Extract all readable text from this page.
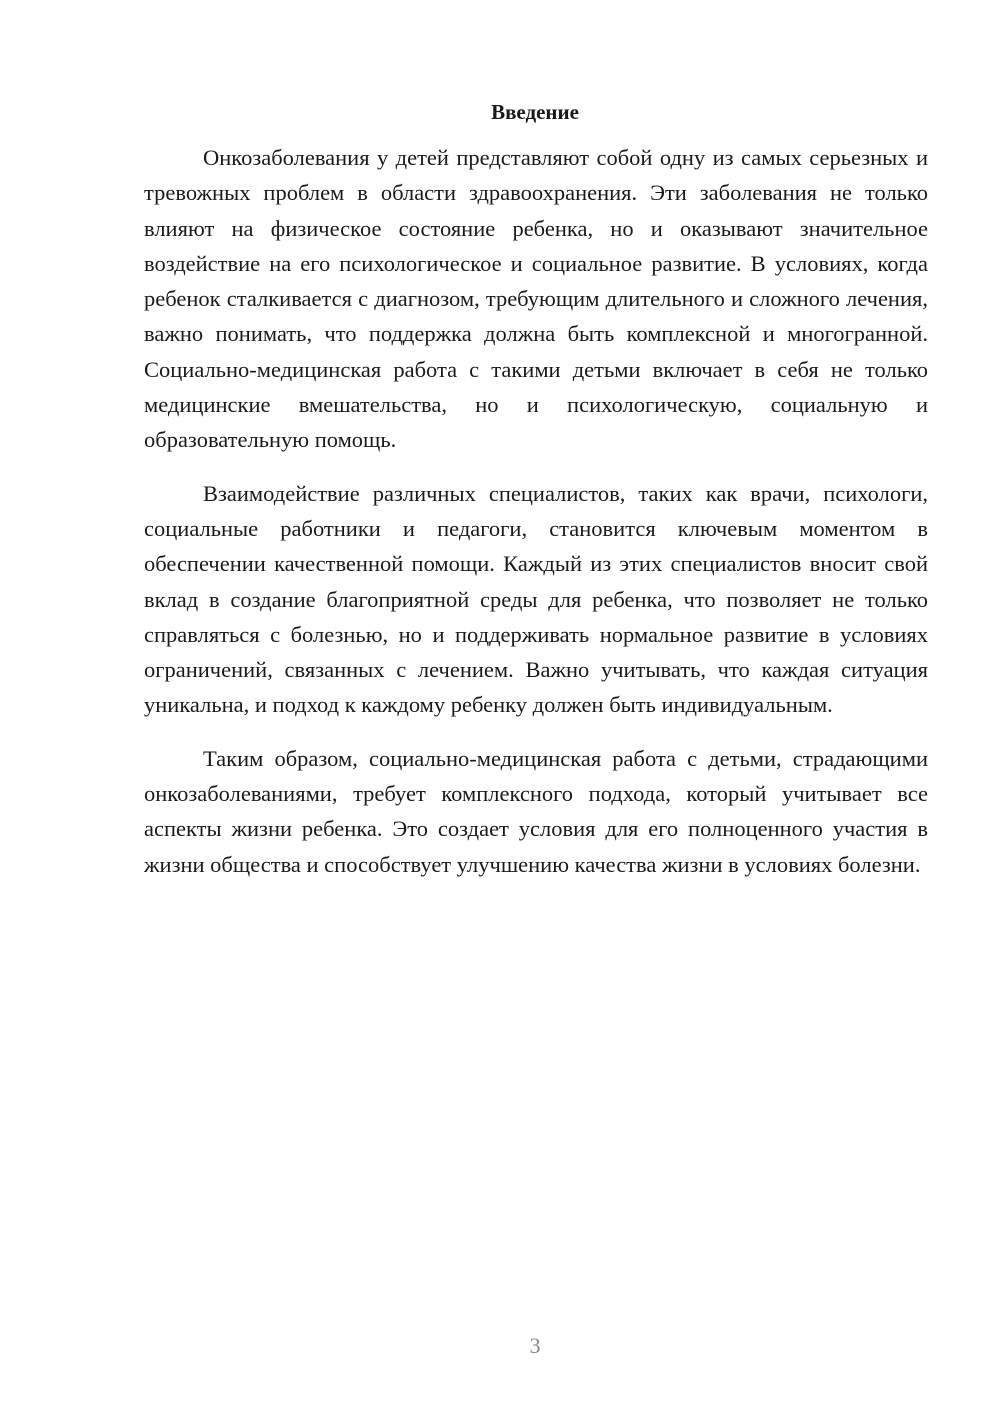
Введение

Онкозаболевания у детей представляют собой одну из самых серьезных и тревожных проблем в области здравоохранения. Эти заболевания не только влияют на физическое состояние ребенка, но и оказывают значительное воздействие на его психологическое и социальное развитие. В условиях, когда ребенок сталкивается с диагнозом, требующим длительного и сложного лечения, важно понимать, что поддержка должна быть комплексной и многогранной. Социально-медицинская работа с такими детьми включает в себя не только медицинские вмешательства, но и психологическую, социальную и образовательную помощь.

Взаимодействие различных специалистов, таких как врачи, психологи, социальные работники и педагоги, становится ключевым моментом в обеспечении качественной помощи. Каждый из этих специалистов вносит свой вклад в создание благоприятной среды для ребенка, что позволяет не только справляться с болезнью, но и поддерживать нормальное развитие в условиях ограничений, связанных с лечением. Важно учитывать, что каждая ситуация уникальна, и подход к каждому ребенку должен быть индивидуальным.

Таким образом, социально-медицинская работа с детьми, страдающими онкозаболеваниями, требует комплексного подхода, который учитывает все аспекты жизни ребенка. Это создает условия для его полноценного участия в жизни общества и способствует улучшению качества жизни в условиях болезни.

3
